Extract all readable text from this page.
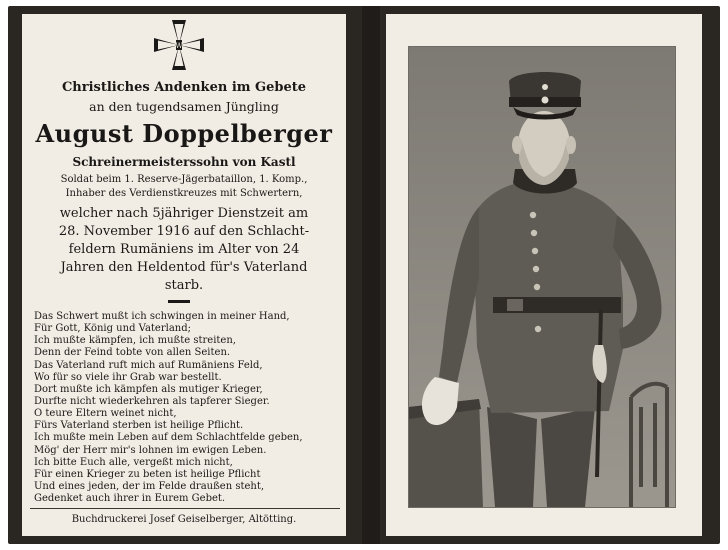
W
Christliches Andenken im Gebete
an den tugendsamen Jüngling
August Doppelberger
Schreinermeisterssohn von Kastl
Soldat beim 1. Reserve-Jägerbataillon, 1. Komp.,
Inhaber des Verdienstkreuzes mit Schwertern,
welcher nach 5jähriger Dienstzeit am
28. November 1916 auf den Schlacht-
feldern Rumäniens im Alter von 24
Jahren den Heldentod für's Vaterland
starb.
Das Schwert mußt ich schwingen in meiner Hand,
Für Gott, König und Vaterland;
Ich mußte kämpfen, ich mußte streiten,
Denn der Feind tobte von allen Seiten.
Das Vaterland ruft mich auf Rumäniens Feld,
Wo für so viele ihr Grab war bestellt.
Dort mußte ich kämpfen als mutiger Krieger,
Durfte nicht wiederkehren als tapferer Sieger.
O teure Eltern weinet nicht,
Fürs Vaterland sterben ist heilige Pflicht.
Ich mußte mein Leben auf dem Schlachtfelde geben,
Mög' der Herr mir's lohnen im ewigen Leben.
Ich bitte Euch alle, vergeßt mich nicht,
Für einen Krieger zu beten ist heilige Pflicht
Und eines jeden, der im Felde draußen steht,
Gedenket auch ihrer in Eurem Gebet.
Buchdruckerei Josef Geiselberger, Altötting.
